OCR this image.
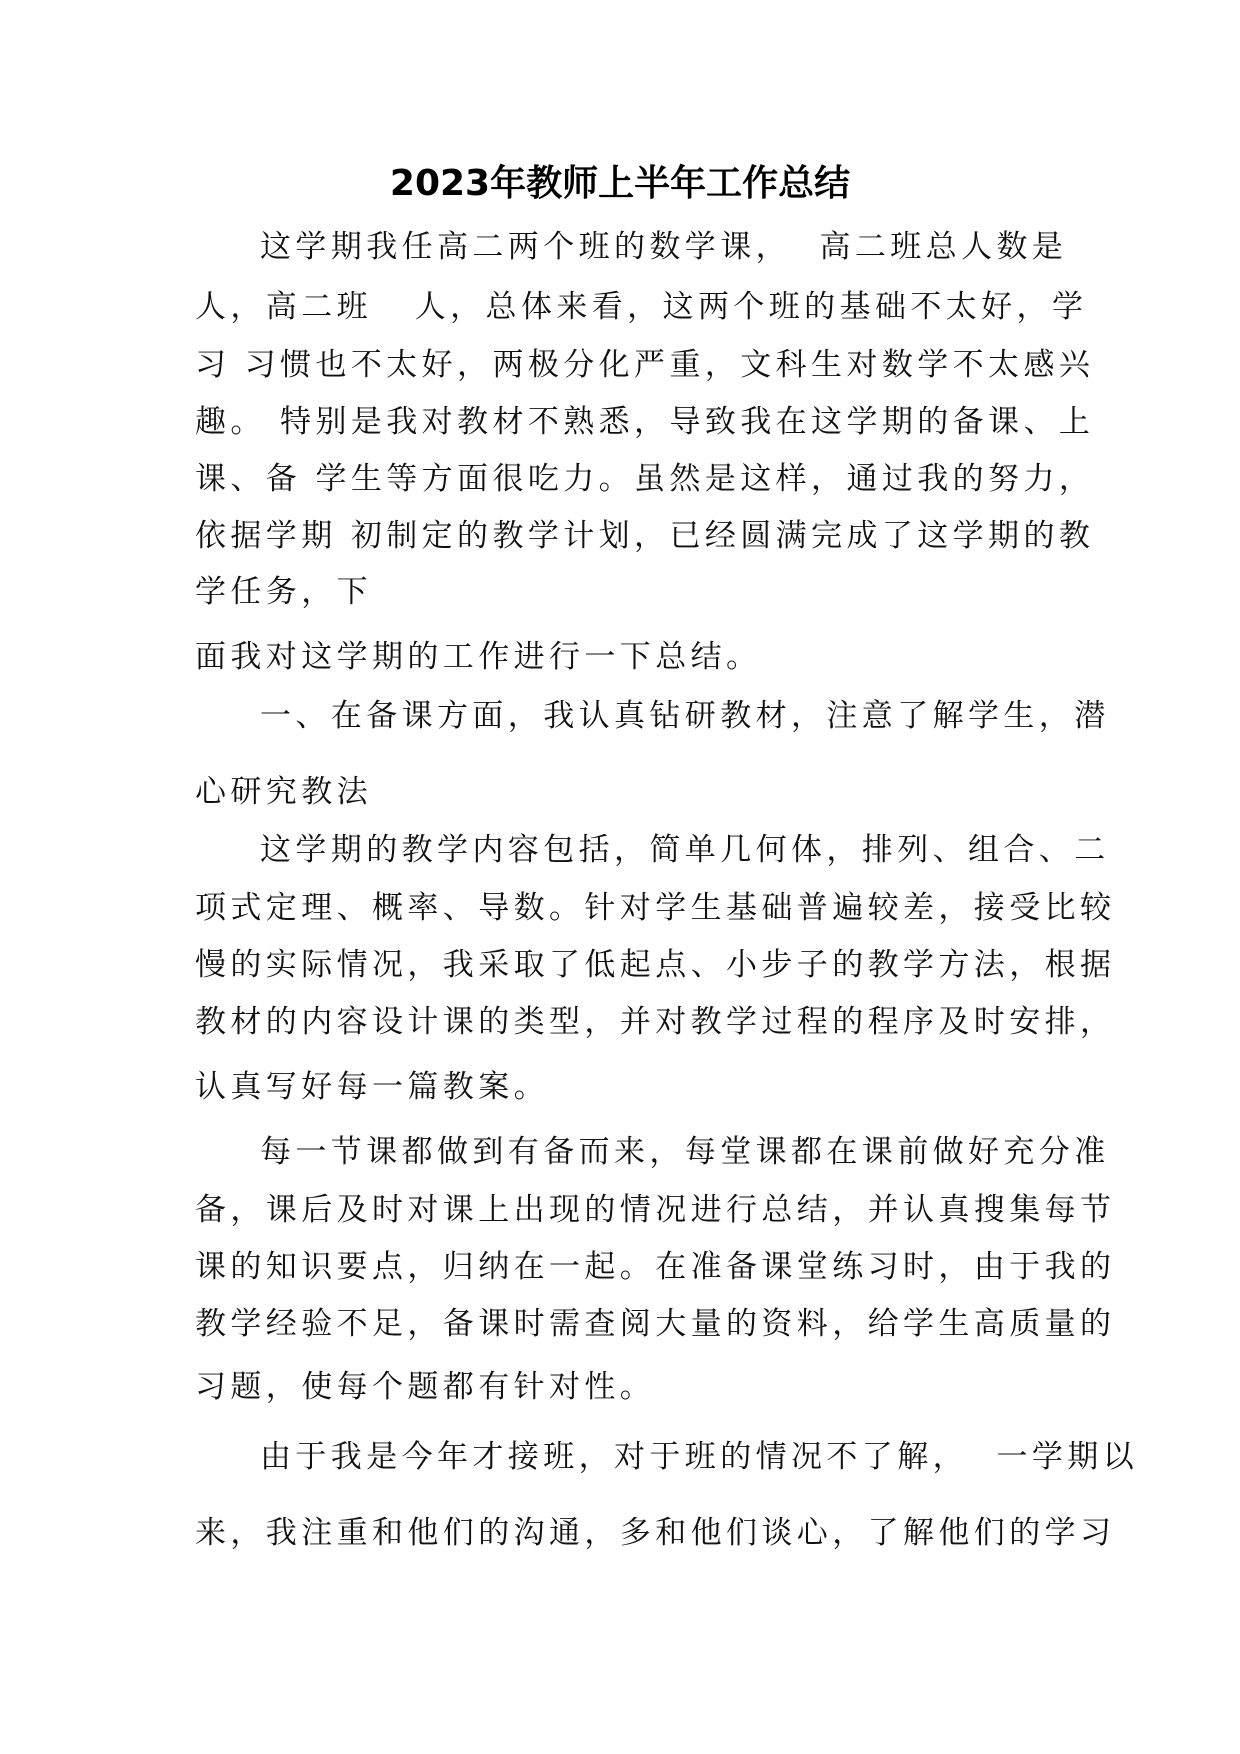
2023年教师上半年工作总结
这学期我任高二两个班的数学课，  高二班总人数是
人，高二班   人，总体来看，这两个班的基础不太好，学
习 习惯也不太好，两极分化严重，文科生对数学不太感兴
趣。 特别是我对教材不熟悉，导致我在这学期的备课、上
课、备 学生等方面很吃力。虽然是这样，通过我的努力，
依据学期 初制定的教学计划，已经圆满完成了这学期的教
学任务，下
面我对这学期的工作进行一下总结。
一、在备课方面，我认真钻研教材，注意了解学生，潜
心研究教法
这学期的教学内容包括，简单几何体，排列、组合、二
项式定理、概率、导数。针对学生基础普遍较差，接受比较
慢的实际情况，我采取了低起点、小步子的教学方法，根据
教材的内容设计课的类型，并对教学过程的程序及时安排，
认真写好每一篇教案。
每一节课都做到有备而来，每堂课都在课前做好充分准
备，课后及时对课上出现的情况进行总结，并认真搜集每节
课的知识要点，归纳在一起。在准备课堂练习时，由于我的
教学经验不足，备课时需查阅大量的资料，给学生高质量的
习题，使每个题都有针对性。
由于我是今年才接班，对于班的情况不了解，  一学期以
来，我注重和他们的沟通，多和他们谈心，了解他们的学习
